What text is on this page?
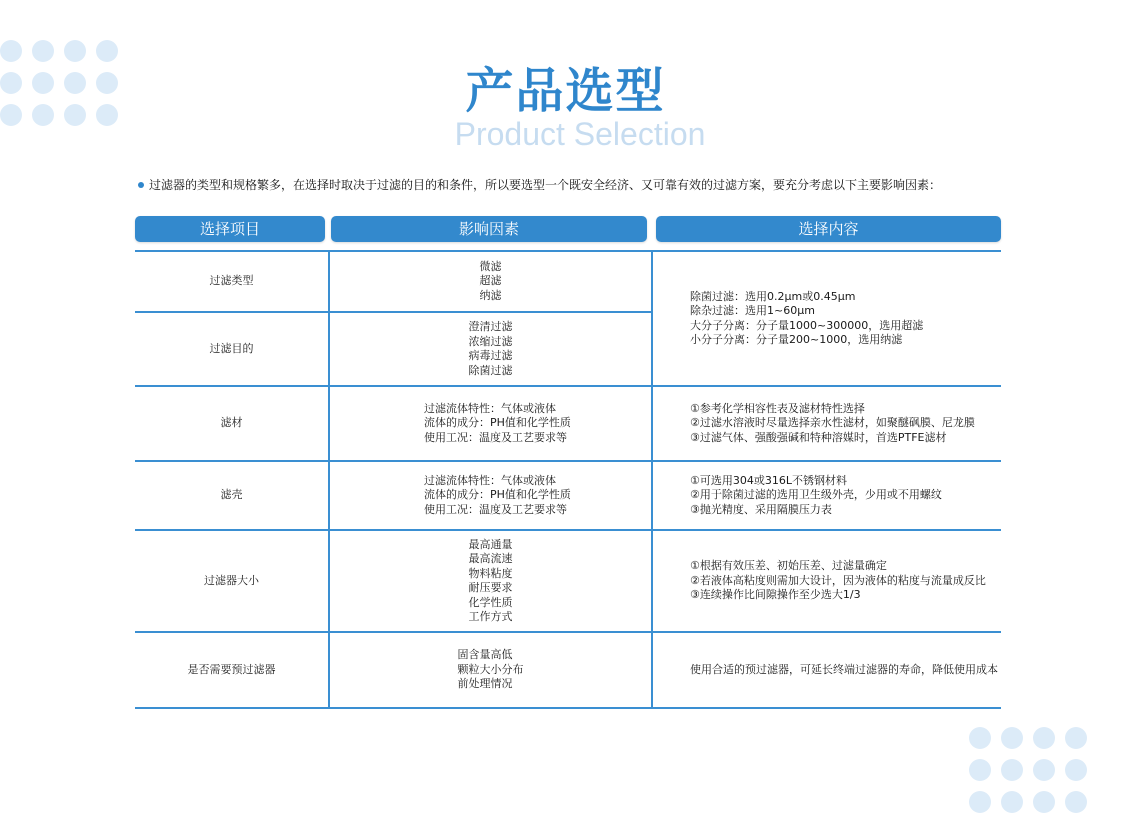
产品选型
Product Selection
过滤器的类型和规格繁多，在选择时取决于过滤的目的和条件，所以要选型一个既安全经济、又可靠有效的过滤方案，要充分考虑以下主要影响因素：
选择项目	影响因素	选择内容
过滤类型
微滤
超滤
纳滤
过滤目的
澄清过滤
浓缩过滤
病毒过滤
除菌过滤
除菌过滤：选用0.2μm或0.45μm
除杂过滤：选用1~60μm
大分子分离：分子量1000~300000，选用超滤
小分子分离：分子量200~1000，选用纳滤
滤材
过滤流体特性：气体或液体
流体的成分：PH值和化学性质
使用工况：温度及工艺要求等
①参考化学相容性表及滤材特性选择
②过滤水溶液时尽量选择亲水性滤材，如聚醚砜膜、尼龙膜
③过滤气体、强酸强碱和特种溶媒时，首选PTFE滤材
滤壳
过滤流体特性：气体或液体
流体的成分：PH值和化学性质
使用工况：温度及工艺要求等
①可选用304或316L不锈钢材料
②用于除菌过滤的选用卫生级外壳，少用或不用螺纹
③抛光精度、采用隔膜压力表
过滤器大小
最高通量
最高流速
物料粘度
耐压要求
化学性质
工作方式
①根据有效压差、初始压差、过滤量确定
②若液体高粘度则需加大设计，因为液体的粘度与流量成反比
③连续操作比间隙操作至少选大1/3
是否需要预过滤器
固含量高低
颗粒大小分布
前处理情况
使用合适的预过滤器，可延长终端过滤器的寿命，降低使用成本
